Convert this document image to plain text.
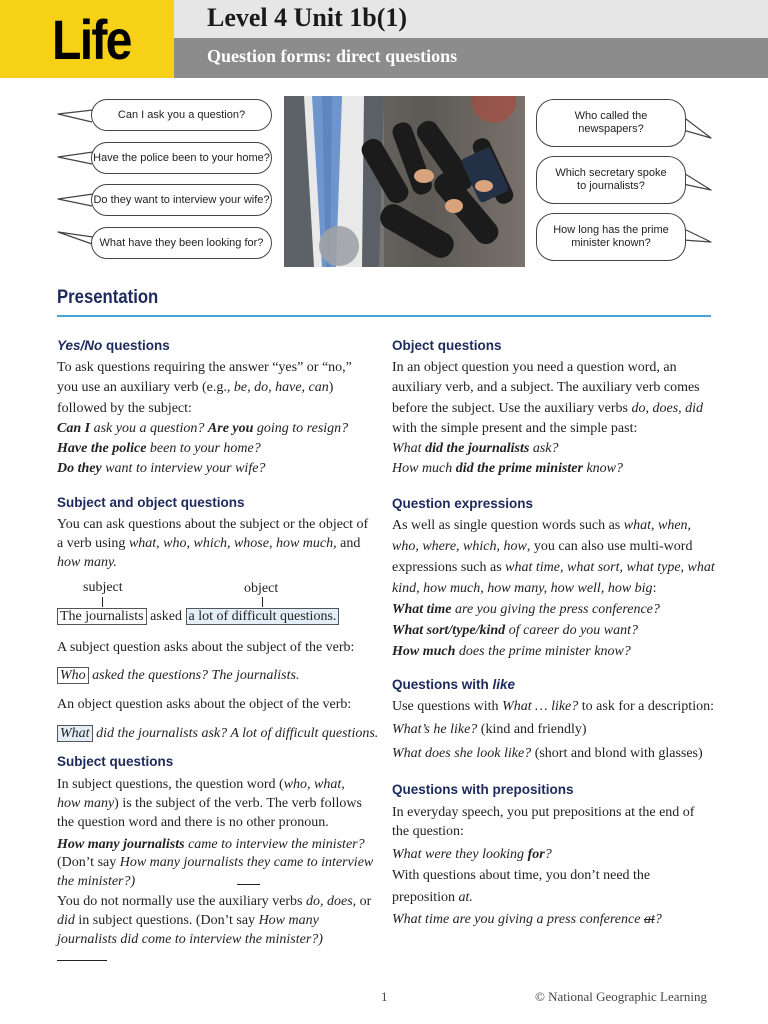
Life	Level 4 Unit 1b(1)
Question forms: direct questions
Can I ask you a question?
Have the police been to your home?
Do they want to interview your wife?
What have they been looking for?
Who called the
newspapers?
Which secretary spoke
to journalists?
How long has the prime
minister known?
Presentation
Yes/No questions
To ask questions requiring the answer “yes” or “no,”
you use an auxiliary verb (e.g., be, do, have, can)
followed by the subject:
Can I ask you a question? Are you going to resign?
Have the police been to your home?
Do they want to interview your wife?
Subject and object questions
You can ask questions about the subject or the object of
a verb using what, who, which, whose, how much, and
how many.
subject	object
The journalists asked a lot of difficult questions.
A subject question asks about the subject of the verb:
Who asked the questions? The journalists.
An object question asks about the object of the verb:
What did the journalists ask? A lot of difficult questions.
Subject questions
In subject questions, the question word (who, what,
how many) is the subject of the verb. The verb follows
the question word and there is no other pronoun.
How many journalists came to interview the minister?
(Don’t say How many journalists they came to interview
the minister?)
You do not normally use the auxiliary verbs do, does, or
did in subject questions. (Don’t say How many
journalists did come to interview the minister?)
Object questions
In an object question you need a question word, an
auxiliary verb, and a subject. The auxiliary verb comes
before the subject. Use the auxiliary verbs do, does, did
with the simple present and the simple past:
What did the journalists ask?
How much did the prime minister know?
Question expressions
As well as single question words such as what, when,
who, where, which, how, you can also use multi-word
expressions such as what time, what sort, what type, what
kind, how much, how many, how well, how big:
What time are you giving the press conference?
What sort/type/kind of career do you want?
How much does the prime minister know?
Questions with like
Use questions with What … like? to ask for a description:
What’s he like? (kind and friendly)
What does she look like? (short and blond with glasses)
Questions with prepositions
In everyday speech, you put prepositions at the end of
the question:
What were they looking for?
With questions about time, you don’t need the
preposition at.
What time are you giving a press conference at?
1	© National Geographic Learning
